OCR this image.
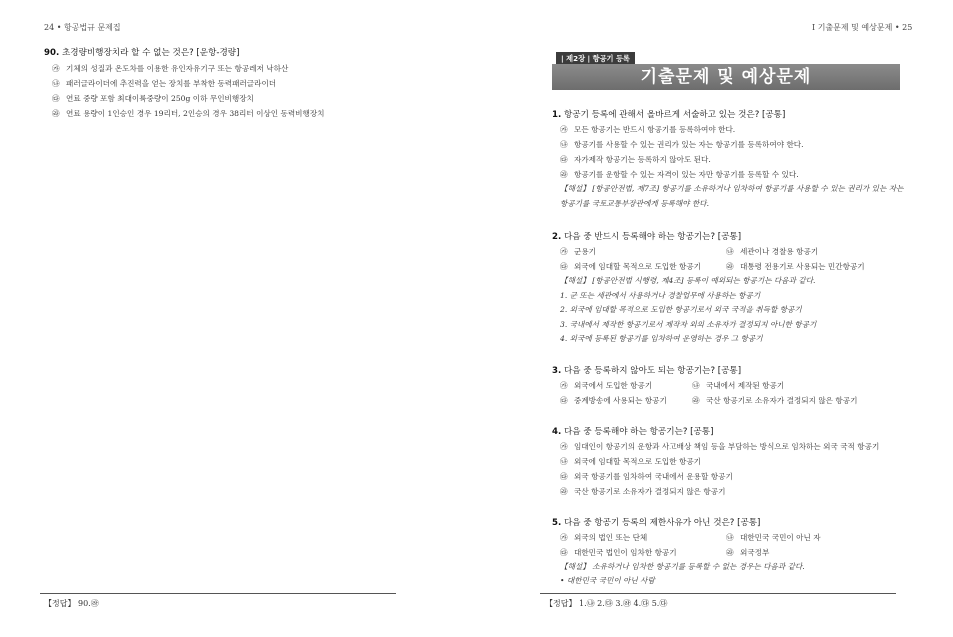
24 • 항공법규 문제집
90. 초경량비행장치라 할 수 없는 것은? [운항-경량]
㉮ 기체의 성질과 온도차를 이용한 유인자유기구 또는 항공레저 낙하산
㉯ 패러글라이더에 추진력을 얻는 장치를 부착한 동력패러글라이더
㉰ 연료 중량 포함 최대이륙중량이 250g 이하 무인비행장치
㉱ 연료 용량이 1인승인 경우 19리터, 2인승의 경우 38리터 이상인 동력비행장치
【정답】 90.㉱
Ⅰ 기출문제 및 예상문제 • 25
| 제2장 | 항공기 등록
기출문제 및 예상문제
1. 항공기 등록에 관해서 올바르게 서술하고 있는 것은? [공통]
㉮ 모든 항공기는 반드시 항공기를 등록하여야 한다.
㉯ 항공기를 사용할 수 있는 권리가 있는 자는 항공기를 등록하여야 한다.
㉰ 자가제작 항공기는 등록하지 않아도 된다.
㉱ 항공기를 운항할 수 있는 자격이 있는 자만 항공기를 등록할 수 있다.
【해설】 [항공안전법, 제7조] 항공기를 소유하거나 임차하여 항공기를 사용할 수 있는 권리가 있는 자는
항공기를 국토교통부장관에게 등록해야 한다.
2. 다음 중 반드시 등록해야 하는 항공기는? [공통]
㉮ 군용기	㉯ 세관이나 경찰용 항공기
㉰ 외국에 임대할 목적으로 도입한 항공기	㉱ 대통령 전용기로 사용되는 민간항공기
【해설】 [항공안전법 시행령, 제4조] 등록이 예외되는 항공기는 다음과 같다.
1. 군 또는 세관에서 사용하거나 경찰업무에 사용하는 항공기
2. 외국에 임대할 목적으로 도입한 항공기로서 외국 국적을 취득할 항공기
3. 국내에서 제작한 항공기로서 제작자 외의 소유자가 결정되지 아니한 항공기
4. 외국에 등록된 항공기를 임차하여 운영하는 경우 그 항공기
3. 다음 중 등록하지 않아도 되는 항공기는? [공통]
㉮ 외국에서 도입한 항공기	㉯ 국내에서 제작된 항공기
㉰ 중계방송에 사용되는 항공기	㉱ 국산 항공기로 소유자가 결정되지 않은 항공기
4. 다음 중 등록해야 하는 항공기는? [공통]
㉮ 임대인이 항공기의 운항과 사고배상 책임 등을 부담하는 방식으로 임차하는 외국 국적 항공기
㉯ 외국에 임대할 목적으로 도입한 항공기
㉰ 외국 항공기를 임차하여 국내에서 운용할 항공기
㉱ 국산 항공기로 소유자가 결정되지 않은 항공기
5. 다음 중 항공기 등록의 제한사유가 아닌 것은? [공통]
㉮ 외국의 법인 또는 단체	㉯ 대한민국 국민이 아닌 자
㉰ 대한민국 법인이 임차한 항공기	㉱ 외국정부
【해설】 소유하거나 임차한 항공기를 등록할 수 없는 경우는 다음과 같다.
• 대한민국 국민이 아닌 사람
【정답】 1.㉯ 2.㉰ 3.㉱ 4.㉰ 5.㉰
